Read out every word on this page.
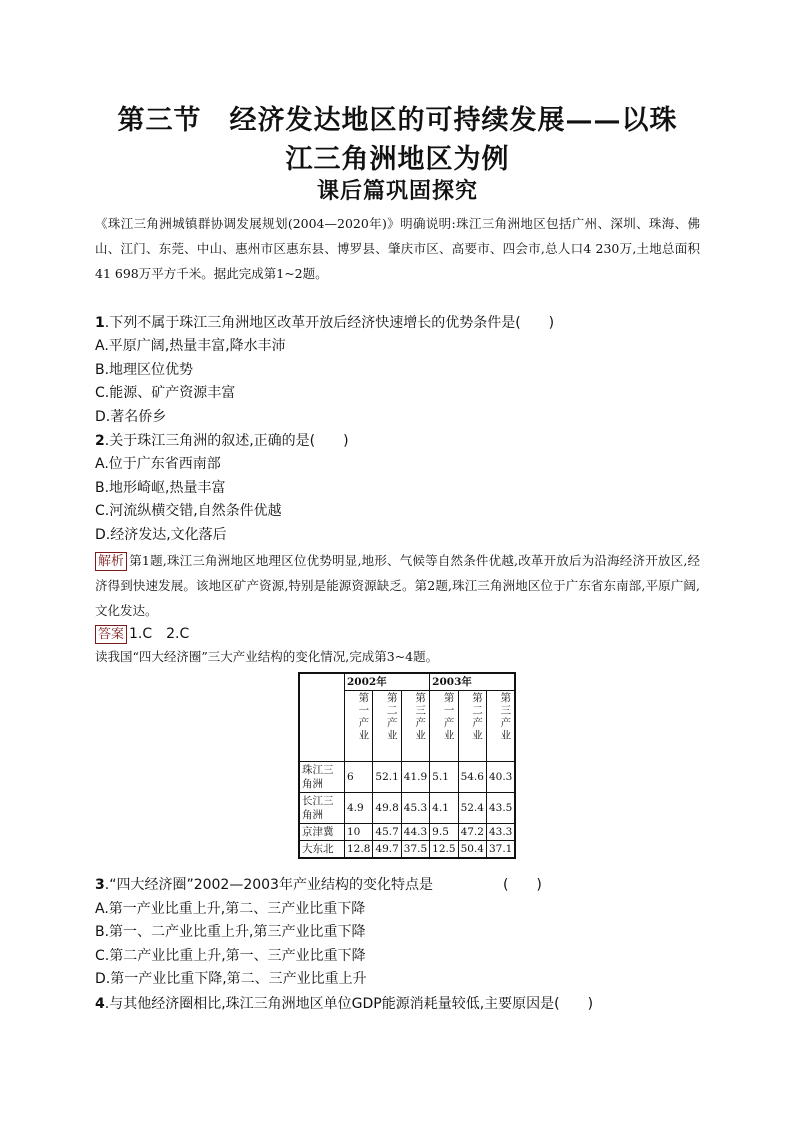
第三节　经济发达地区的可持续发展——以珠
江三角洲地区为例
课后篇巩固探究
《珠江三角洲城镇群协调发展规划(2004—2020年)》明确说明:珠江三角洲地区包括广州、深圳、珠海、佛山、江门、东莞、中山、惠州市区惠东县、博罗县、肇庆市区、高要市、四会市,总人口4 230万,土地总面积41 698万平方千米。据此完成第1~2题。
1.下列不属于珠江三角洲地区改革开放后经济快速增长的优势条件是(　　)
A.平原广阔,热量丰富,降水丰沛
B.地理区位优势
C.能源、矿产资源丰富
D.著名侨乡
2.关于珠江三角洲的叙述,正确的是(　　)
A.位于广东省西南部
B.地形崎岖,热量丰富
C.河流纵横交错,自然条件优越
D.经济发达,文化落后
解析 第1题,珠江三角洲地区地理区位优势明显,地形、气候等自然条件优越,改革开放后为沿海经济开放区,经济得到快速发展。该地区矿产资源,特别是能源资源缺乏。第2题,珠江三角洲地区位于广东省东南部,平原广阔,文化发达。
答案 1.C　2.C
读我国“四大经济圈”三大产业结构的变化情况,完成第3~4题。
	2002年			2003年		
	第一产业	第二产业	第三产业	第一产业	第二产业	第三产业
珠江三角洲	6	52.1	41.9	5.1	54.6	40.3
长江三角洲	4.9	49.8	45.3	4.1	52.4	43.5
京津冀	10	45.7	44.3	9.5	47.2	43.3
大东北	12.8	49.7	37.5	12.5	50.4	37.1
3.“四大经济圈”2002—2003年产业结构的变化特点是　　　　　(　　)
A.第一产业比重上升,第二、三产业比重下降
B.第一、二产业比重上升,第三产业比重下降
C.第二产业比重上升,第一、三产业比重下降
D.第一产业比重下降,第二、三产业比重上升
4.与其他经济圈相比,珠江三角洲地区单位GDP能源消耗量较低,主要原因是(　　)
